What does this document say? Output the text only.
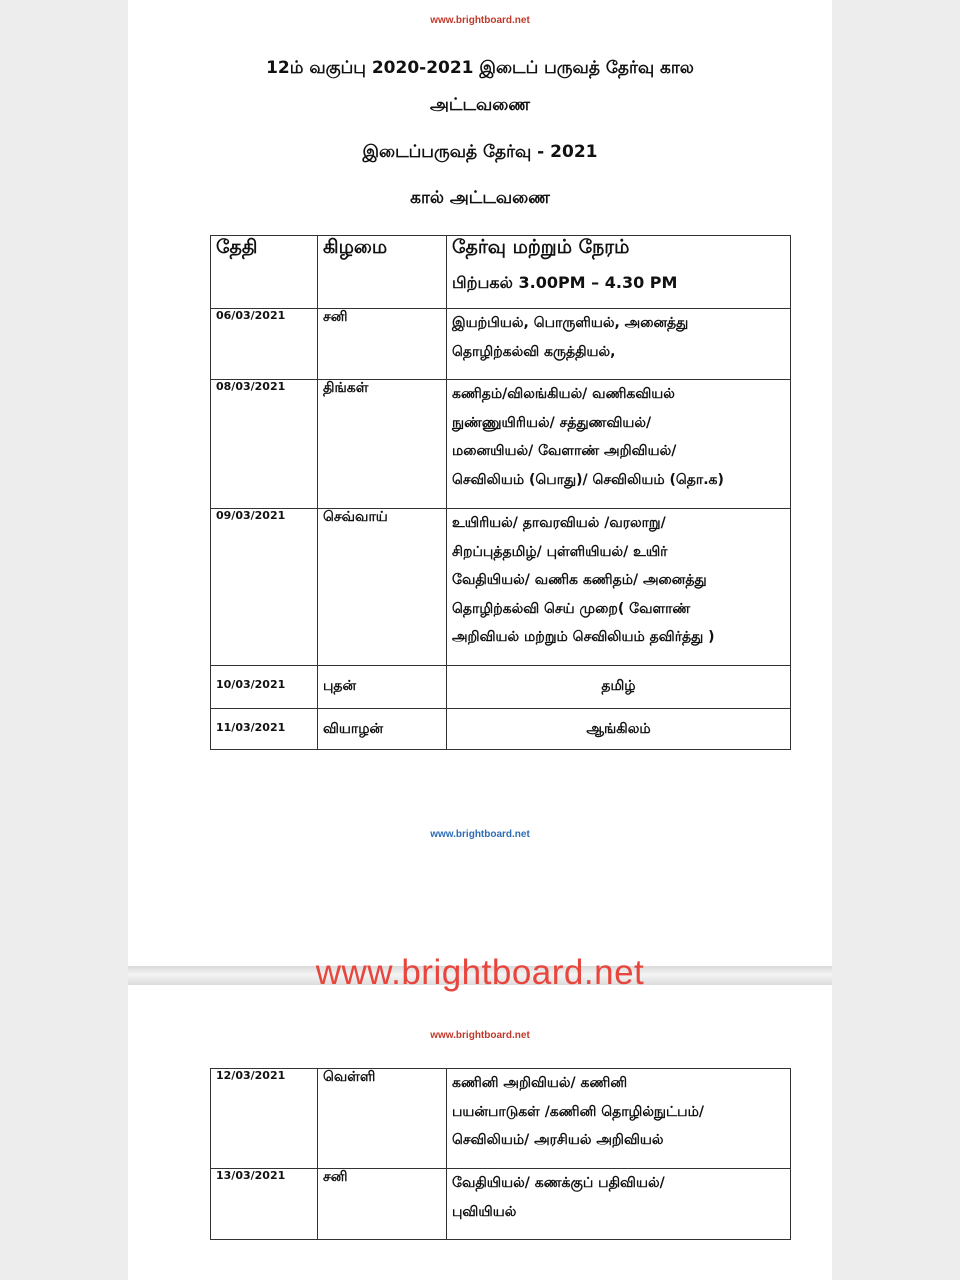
www.brightboard.net
12ம் வகுப்பு 2020-2021 இடைப் பருவத் தேர்வு கால
அட்டவணை
இடைப்பருவத் தேர்வு - 2021
கால் அட்டவணை
தேதி	கிழமை	தேர்வு மற்றும் நேரம்
பிற்பகல் 3.00PM – 4.30 PM

06/03/2021	சனி	இயற்பியல், பொருளியல், அனைத்து
தொழிற்கல்வி கருத்தியல்,

08/03/2021	திங்கள்	கணிதம்/விலங்கியல்/ வணிகவியல்
நுண்ணுயிரியல்/ சத்துணவியல்/
மனையியல்/ வேளாண் அறிவியல்/
செவிலியம் (பொது)/ செவிலியம் (தொ.க)

09/03/2021	செவ்வாய்	உயிரியல்/ தாவரவியல் /வரலாறு/
சிறப்புத்தமிழ்/ புள்ளியியல்/ உயிர்
வேதியியல்/ வணிக கணிதம்/ அனைத்து
தொழிற்கல்வி செய் முறை( வேளாண்
அறிவியல் மற்றும் செவிலியம் தவிர்த்து )

10/03/2021	புதன்	தமிழ்

11/03/2021	வியாழன்	ஆங்கிலம்
www.brightboard.net
www.brightboard.net
12/03/2021	வெள்ளி	கணினி அறிவியல்/ கணினி
பயன்பாடுகள் /கணினி தொழில்நுட்பம்/
செவிலியம்/ அரசியல் அறிவியல்

13/03/2021	சனி	வேதியியல்/ கணக்குப் பதிவியல்/
புவியியல்
www.brightboard.net
